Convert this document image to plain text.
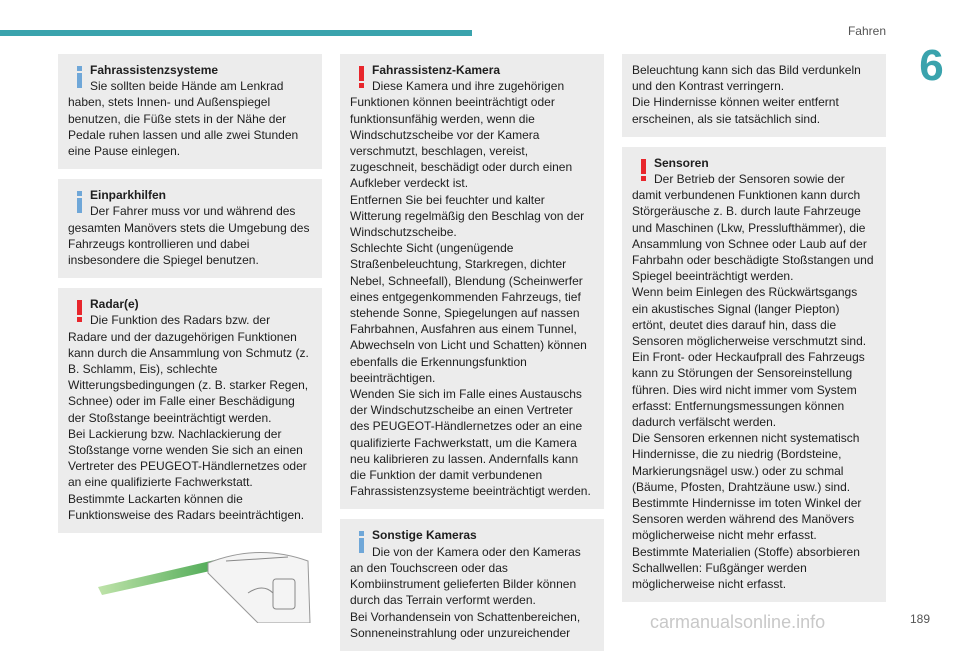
Fahren
6
Fahrassistenzsysteme
Sie sollten beide Hände am Lenkrad haben, stets Innen- und Außenspiegel benutzen, die Füße stets in der Nähe der Pedale ruhen lassen und alle zwei Stunden eine Pause einlegen.
Einparkhilfen
Der Fahrer muss vor und während des gesamten Manövers stets die Umgebung des Fahrzeugs kontrollieren und dabei insbesondere die Spiegel benutzen.
Radar(e)
Die Funktion des Radars bzw. der Radare und der dazugehörigen Funktionen kann durch die Ansammlung von Schmutz (z. B. Schlamm, Eis), schlechte Witterungsbedingungen (z. B. starker Regen, Schnee) oder im Falle einer Beschädigung der Stoßstange beeinträchtigt werden.
Bei Lackierung bzw. Nachlackierung der Stoßstange vorne wenden Sie sich an einen Vertreter des PEUGEOT-Händlernetzes oder an eine qualifizierte Fachwerkstatt. Bestimmte Lackarten können die Funktionsweise des Radars beeinträchtigen.
Fahrassistenz-Kamera
Diese Kamera und ihre zugehörigen Funktionen können beeinträchtigt oder funktionsunfähig werden, wenn die Windschutzscheibe vor der Kamera verschmutzt, beschlagen, vereist, zugeschneit, beschädigt oder durch einen Aufkleber verdeckt ist.
Entfernen Sie bei feuchter und kalter Witterung regelmäßig den Beschlag von der Windschutzscheibe.
Schlechte Sicht (ungenügende Straßenbeleuchtung, Starkregen, dichter Nebel, Schneefall), Blendung (Scheinwerfer eines entgegenkommenden Fahrzeugs, tief stehende Sonne, Spiegelungen auf nassen Fahrbahnen, Ausfahren aus einem Tunnel, Abwechseln von Licht und Schatten) können ebenfalls die Erkennungsfunktion beeinträchtigen.
Wenden Sie sich im Falle eines Austauschs der Windschutzscheibe an einen Vertreter des PEUGEOT-Händlernetzes oder an eine qualifizierte Fachwerkstatt, um die Kamera neu kalibrieren zu lassen. Andernfalls kann die Funktion der damit verbundenen Fahrassistenzsysteme beeinträchtigt werden.
Sonstige Kameras
Die von der Kamera oder den Kameras an den Touchscreen oder das Kombiinstrument gelieferten Bilder können durch das Terrain verformt werden.
Bei Vorhandensein von Schattenbereichen, Sonneneinstrahlung oder unzureichender
Beleuchtung kann sich das Bild verdunkeln und den Kontrast verringern.
Die Hindernisse können weiter entfernt erscheinen, als sie tatsächlich sind.
Sensoren
Der Betrieb der Sensoren sowie der damit verbundenen Funktionen kann durch Störgeräusche z. B. durch laute Fahrzeuge und Maschinen (Lkw, Presslufthämmer), die Ansammlung von Schnee oder Laub auf der Fahrbahn oder beschädigte Stoßstangen und Spiegel beeinträchtigt werden.
Wenn beim Einlegen des Rückwärtsgangs ein akustisches Signal (langer Piepton) ertönt, deutet dies darauf hin, dass die Sensoren möglicherweise verschmutzt sind.
Ein Front- oder Heckaufprall des Fahrzeugs kann zu Störungen der Sensoreinstellung führen. Dies wird nicht immer vom System erfasst: Entfernungsmessungen können dadurch verfälscht werden.
Die Sensoren erkennen nicht systematisch Hindernisse, die zu niedrig (Bordsteine, Markierungsnägel usw.) oder zu schmal (Bäume, Pfosten, Drahtzäune usw.) sind.
Bestimmte Hindernisse im toten Winkel der Sensoren werden während des Manövers möglicherweise nicht mehr erfasst.
Bestimmte Materialien (Stoffe) absorbieren Schallwellen: Fußgänger werden möglicherweise nicht erfasst.
carmanualsonline.info	189
